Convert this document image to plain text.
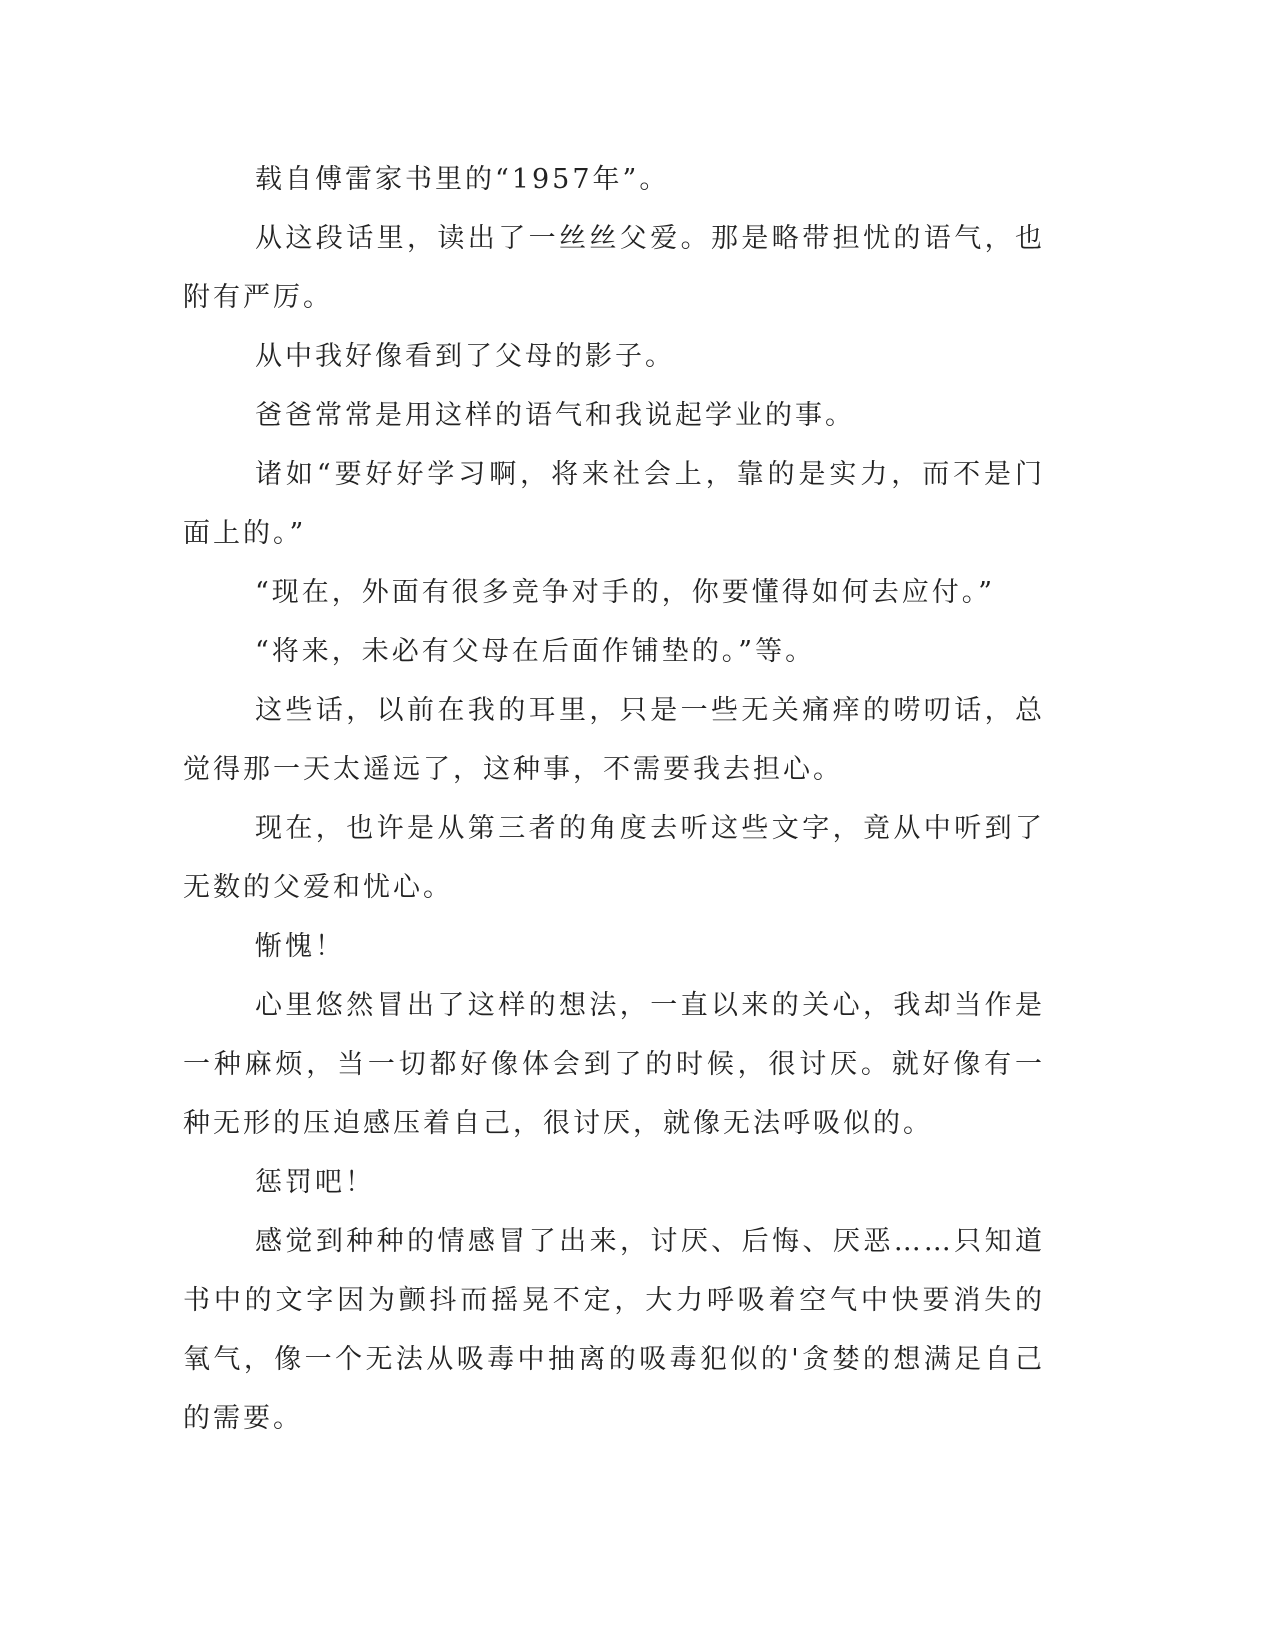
载自傅雷家书里的“1957年”。

从这段话里，读出了一丝丝父爱。那是略带担忧的语气，也附有严厉。

从中我好像看到了父母的影子。

爸爸常常是用这样的语气和我说起学业的事。

诸如“要好好学习啊，将来社会上，靠的是实力，而不是门面上的。”

“现在，外面有很多竞争对手的，你要懂得如何去应付。”

“将来，未必有父母在后面作铺垫的。”等。

这些话，以前在我的耳里，只是一些无关痛痒的唠叨话，总觉得那一天太遥远了，这种事，不需要我去担心。

现在，也许是从第三者的角度去听这些文字，竟从中听到了无数的父爱和忧心。

惭愧！

心里悠然冒出了这样的想法，一直以来的关心，我却当作是一种麻烦，当一切都好像体会到了的时候，很讨厌。就好像有一种无形的压迫感压着自己，很讨厌，就像无法呼吸似的。

惩罚吧！

感觉到种种的情感冒了出来，讨厌、后悔、厌恶……只知道书中的文字因为颤抖而摇晃不定，大力呼吸着空气中快要消失的氧气，像一个无法从吸毒中抽离的吸毒犯似的'贪婪的想满足自己的需要。
